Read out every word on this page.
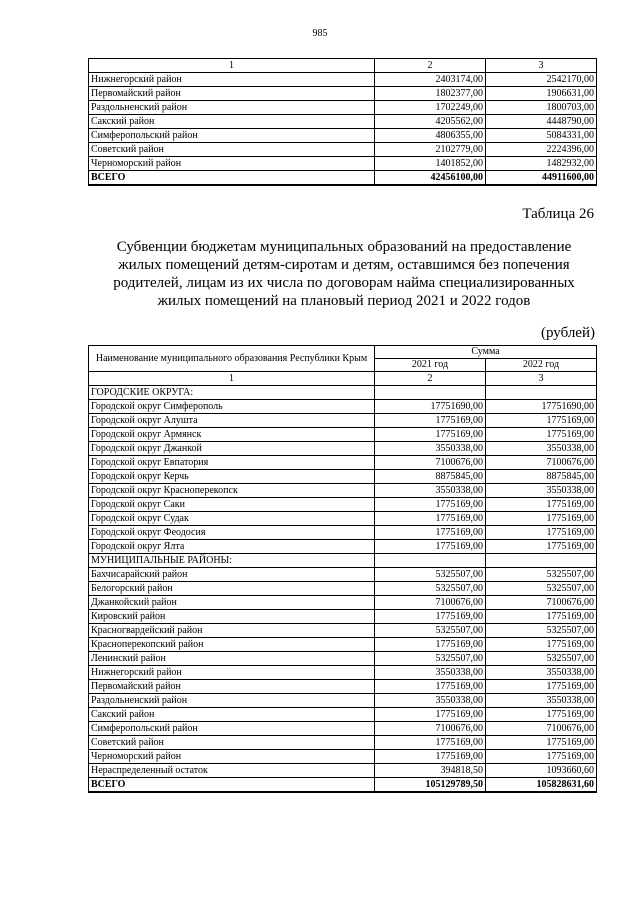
985
1	2	3
Нижнегорский район	2403174,00	2542170,00
Первомайский район	1802377,00	1906631,00
Раздольненский район	1702249,00	1800703,00
Сакский район	4205562,00	4448790,00
Симферопольский район	4806355,00	5084331,00
Советский район	2102779,00	2224396,00
Черноморский район	1401852,00	1482932,00
ВСЕГО	42456100,00	44911600,00
Таблица 26
Субвенции бюджетам муниципальных образований на предоставление
жилых помещений детям-сиротам и детям, оставшимся без попечения
родителей, лицам из их числа по договорам найма специализированных
жилых помещений на плановый период 2021 и 2022 годов
(рублей)
Наименование муниципального образования Республики Крым	Сумма	
	2021 год	2022 год
1	2	3
ГОРОДСКИЕ ОКРУГА:		
Городской округ Симферополь	17751690,00	17751690,00
Городской округ Алушта	1775169,00	1775169,00
Городской округ Армянск	1775169,00	1775169,00
Городской округ Джанкой	3550338,00	3550338,00
Городской округ Евпатория	7100676,00	7100676,00
Городской округ Керчь	8875845,00	8875845,00
Городской округ Красноперекопск	3550338,00	3550338,00
Городской округ Саки	1775169,00	1775169,00
Городской округ Судак	1775169,00	1775169,00
Городской округ Феодосия	1775169,00	1775169,00
Городской округ Ялта	1775169,00	1775169,00
МУНИЦИПАЛЬНЫЕ РАЙОНЫ:		
Бахчисарайский район	5325507,00	5325507,00
Белогорский район	5325507,00	5325507,00
Джанкойский район	7100676,00	7100676,00
Кировский район	1775169,00	1775169,00
Красногвардейский район	5325507,00	5325507,00
Красноперекопский район	1775169,00	1775169,00
Ленинский район	5325507,00	5325507,00
Нижнегорский район	3550338,00	3550338,00
Первомайский район	1775169,00	1775169,00
Раздольненский район	3550338,00	3550338,00
Сакский район	1775169,00	1775169,00
Симферопольский район	7100676,00	7100676,00
Советский район	1775169,00	1775169,00
Черноморский район	1775169,00	1775169,00
Нераспределенный остаток	394818,50	1093660,60
ВСЕГО	105129789,50	105828631,60
